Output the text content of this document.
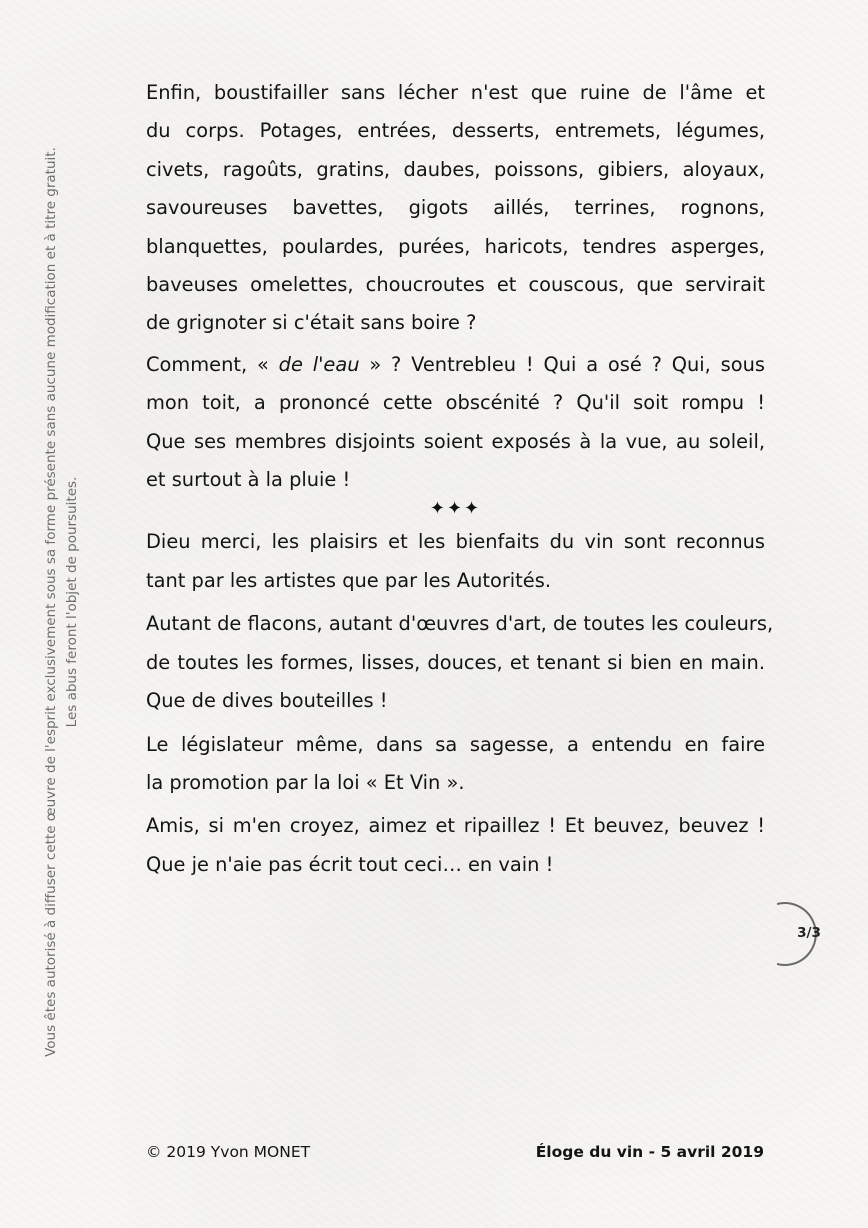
Vous êtes autorisé à diffuser cette œuvre de l'esprit exclusivement sous sa forme présente sans aucune modification et à titre gratuit. Les abus feront l'objet de poursuites.
Enfin, boustifailler sans lécher n'est que ruine de l'âme et
du corps. Potages, entrées, desserts, entremets, légumes,
civets, ragoûts, gratins, daubes, poissons, gibiers, aloyaux,
savoureuses bavettes, gigots aillés, terrines, rognons,
blanquettes, poulardes, purées, haricots, tendres asperges,
baveuses omelettes, choucroutes et couscous, que servirait
de grignoter si c'était sans boire ?
Comment, « de l'eau » ? Ventrebleu ! Qui a osé ? Qui, sous
mon toit, a prononcé cette obscénité ? Qu'il soit rompu !
Que ses membres disjoints soient exposés à la vue, au soleil,
et surtout à la pluie !
✦✦✦
Dieu merci, les plaisirs et les bienfaits du vin sont reconnus
tant par les artistes que par les Autorités.
Autant de flacons, autant d'œuvres d'art, de toutes les couleurs,
de toutes les formes, lisses, douces, et tenant si bien en main.
Que de dives bouteilles !
Le législateur même, dans sa sagesse, a entendu en faire
la promotion par la loi « Et Vin ».
Amis, si m'en croyez, aimez et ripaillez ! Et beuvez, beuvez !
Que je n'aie pas écrit tout ceci… en vain !
3/3
© 2019 Yvon MONET	Éloge du vin - 5 avril 2019
